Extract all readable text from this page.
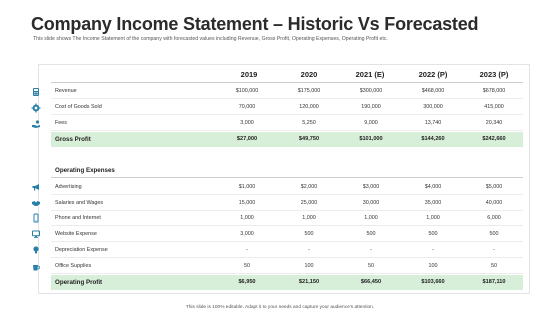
Company Income Statement – Historic Vs Forecasted
This slide shows The Income Statement of the company with forecasted values including Revenue, Gross Profit, Operating Expenses, Operating Profit etc.
2019	2020	2021 (E)	2022 (P)	2023 (P)
Revenue	$100,000	$175,000	$300,000	$468,000	$678,000
Cost of Goods Sold	70,000	120,000	190,000	300,000	415,000
Fees	3,000	5,250	9,000	13,740	20,340
Gross Profit	$27,000	$49,750	$101,000	$144,260	$242,660
Operating Expenses
Advertising	$1,000	$2,000	$3,000	$4,000	$5,000
Salaries and Wages	15,000	25,000	30,000	35,000	40,000
Phone and Internet	1,000	1,000	1,000	1,000	6,000
Website Expense	3,000	500	500	500	500
Depreciation Expense	-	-	-	-	-
Office Supplies	50	100	50	100	50
Operating Profit	$6,950	$21,150	$66,450	$103,660	$187,110
This slide is 100% editable. Adapt it to your needs and capture your audience's attention.
